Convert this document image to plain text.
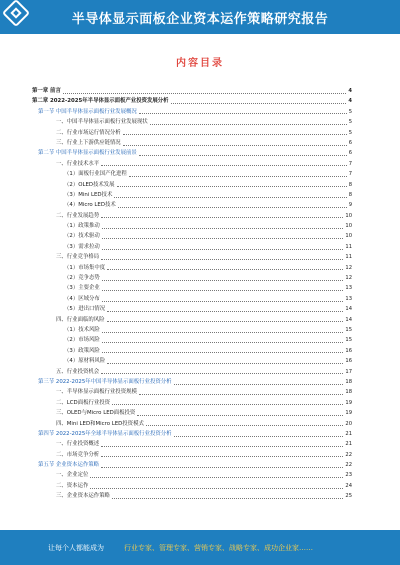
半导体显示面板企业资本运作策略研究报告
内容目录
第一章 前言	4
第二章 2022-2025年半导体显示面板产业投资发展分析	4
第一节 中国半导体显示面板行业发展概况	5
一、中国半导体显示面板行业发展现状	5
二、行业市场运行情况分析	5
三、行业上下游供应链情况	6
第二节 中国半导体显示面板行业发展前景	6
一、行业技术水平	7
（1）面板行业国产化进程	7
（2）OLED技术发展	8
（3）Mini LED技术	8
（4）Micro LED技术	9
二、行业发展趋势	10
（1）政策推动	10
（2）技术驱动	10
（3）需求拉动	11
三、行业竞争格局	11
（1）市场集中度	12
（2）竞争态势	12
（3）主要企业	13
（4）区域分布	13
（5）进出口情况	14
四、行业面临的风险	14
（1）技术风险	15
（2）市场风险	15
（3）政策风险	16
（4）原材料风险	16
五、行业投资机会	17
第三节 2022-2025年中国半导体显示面板行业投资分析	18
一、半导体显示面板行业投资规模	18
二、LCD面板行业投资	19
三、OLED与Micro LED面板投资	19
四、Mini LED和Micro LED投资模式	20
第四节 2022-2025年全球半导体显示面板行业投资分析	21
一、行业投资概述	21
二、市场竞争分析	22
第五节 企业资本运作策略	22
一、企业定位	23
二、资本运作	24
三、企业资本运作策略	25
让每个人都能成为	行业专家、管理专家、营销专家、战略专家、成功企业家……
